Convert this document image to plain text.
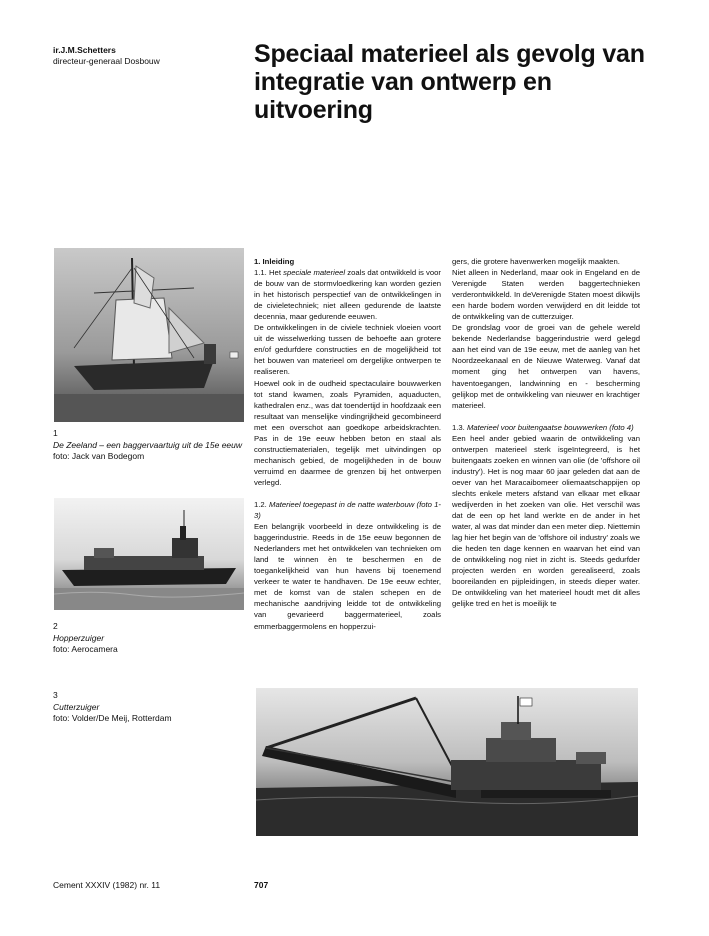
ir.J.M.Schetters
directeur-generaal Dosbouw	Speciaal materieel als gevolg van integratie van ontwerp en uitvoering
1
De Zeeland – een baggervaartuig uit de 15e eeuw
foto: Jack van Bodegom
2
Hopperzuiger
foto: Aerocamera
3
Cutterzuiger
foto: Volder/De Meij, Rotterdam

1. Inleiding

1.1. Het speciale materieel zoals dat ontwikkeld is voor de bouw van de stormvloedkering kan worden gezien in het historisch perspectief van de ontwikkelingen in de civieletechniek; niet alleen gedurende de laatste decennia, maar gedurende eeuwen.

De ontwikkelingen in de civiele techniek vloeien voort uit de wisselwerking tussen de behoefte aan grotere en/of gedurfdere constructies en de mogelijkheid tot het bouwen van materieel om dergelijke ontwerpen te realiseren.

Hoewel ook in de oudheid spectaculaire bouwwerken tot stand kwamen, zoals Pyramiden, aquaducten, kathedralen enz., was dat toendertijd in hoofdzaak een resultaat van menselijke vindingrijkheid gecombineerd met een overschot aan goedkope arbeidskrachten. Pas in de 19e eeuw hebben beton en staal als constructiematerialen, tegelijk met uitvindingen op mechanisch gebied, de mogelijkheden in de bouw verruimd en daarmee de grenzen bij het ontwerpen verlegd.

1.2. Materieel toegepast in de natte waterbouw (foto 1-3)

Een belangrijk voorbeeld in deze ontwikkeling is de baggerindustrie. Reeds in de 15e eeuw begonnen de Nederlanders met het ontwikkelen van technieken om land te winnen èn te beschermen en de toegankelijkheid van hun havens bij toenemend verkeer te water te handhaven. De 19e eeuw echter, met de komst van de stalen schepen en de mechanische aandrijving leidde tot de ontwikkeling van gevarieerd baggermaterieel, zoals emmerbaggermolens en hopperzui-

gers, die grotere havenwerken mogelijk maakten.

Niet alleen in Nederland, maar ook in Engeland en de Verenigde Staten werden baggertechnieken verderontwikkeld. In deVerenigde Staten moest dikwijls een harde bodem worden verwijderd en dit leidde tot de ontwikkeling van de cutterzuiger.

De grondslag voor de groei van de gehele wereld bekende Nederlandse baggerindustrie werd gelegd aan het eind van de 19e eeuw, met de aanleg van het Noordzeekanaal en de Nieuwe Waterweg. Vanaf dat moment ging het ontwerpen van havens, haventoegangen, landwinning en - bescherming gelijkop met de ontwikkeling van nieuwer en krachtiger materieel.

1.3. Materieel voor buitengaatse bouwwerken (foto 4)

Een heel ander gebied waarin de ontwikkeling van ontwerpen materieel sterk isgeïntegreerd, is het buitengaats zoeken en winnen van olie (de 'offshore oil industry'). Het is nog maar 60 jaar geleden dat aan de oever van het Maracaibomeer oliemaatschappijen op slechts enkele meters afstand van elkaar met elkaar wedijverden in het zoeken van olie. Het verschil was dat de een op het land werkte en de ander in het water, al was dat minder dan een meter diep. Niettemin lag hier het begin van de 'offshore oil industry' zoals we die heden ten dage kennen en waarvan het eind van de ontwikkeling nog niet in zicht is. Steeds gedurfder projecten werden en worden gerealiseerd, zoals booreilanden en pijpleidingen, in steeds dieper water. De ontwikkeling van het materieel houdt met dit alles gelijke tred en het is moeilijk te

Cement XXXIV (1982) nr. 11	707
